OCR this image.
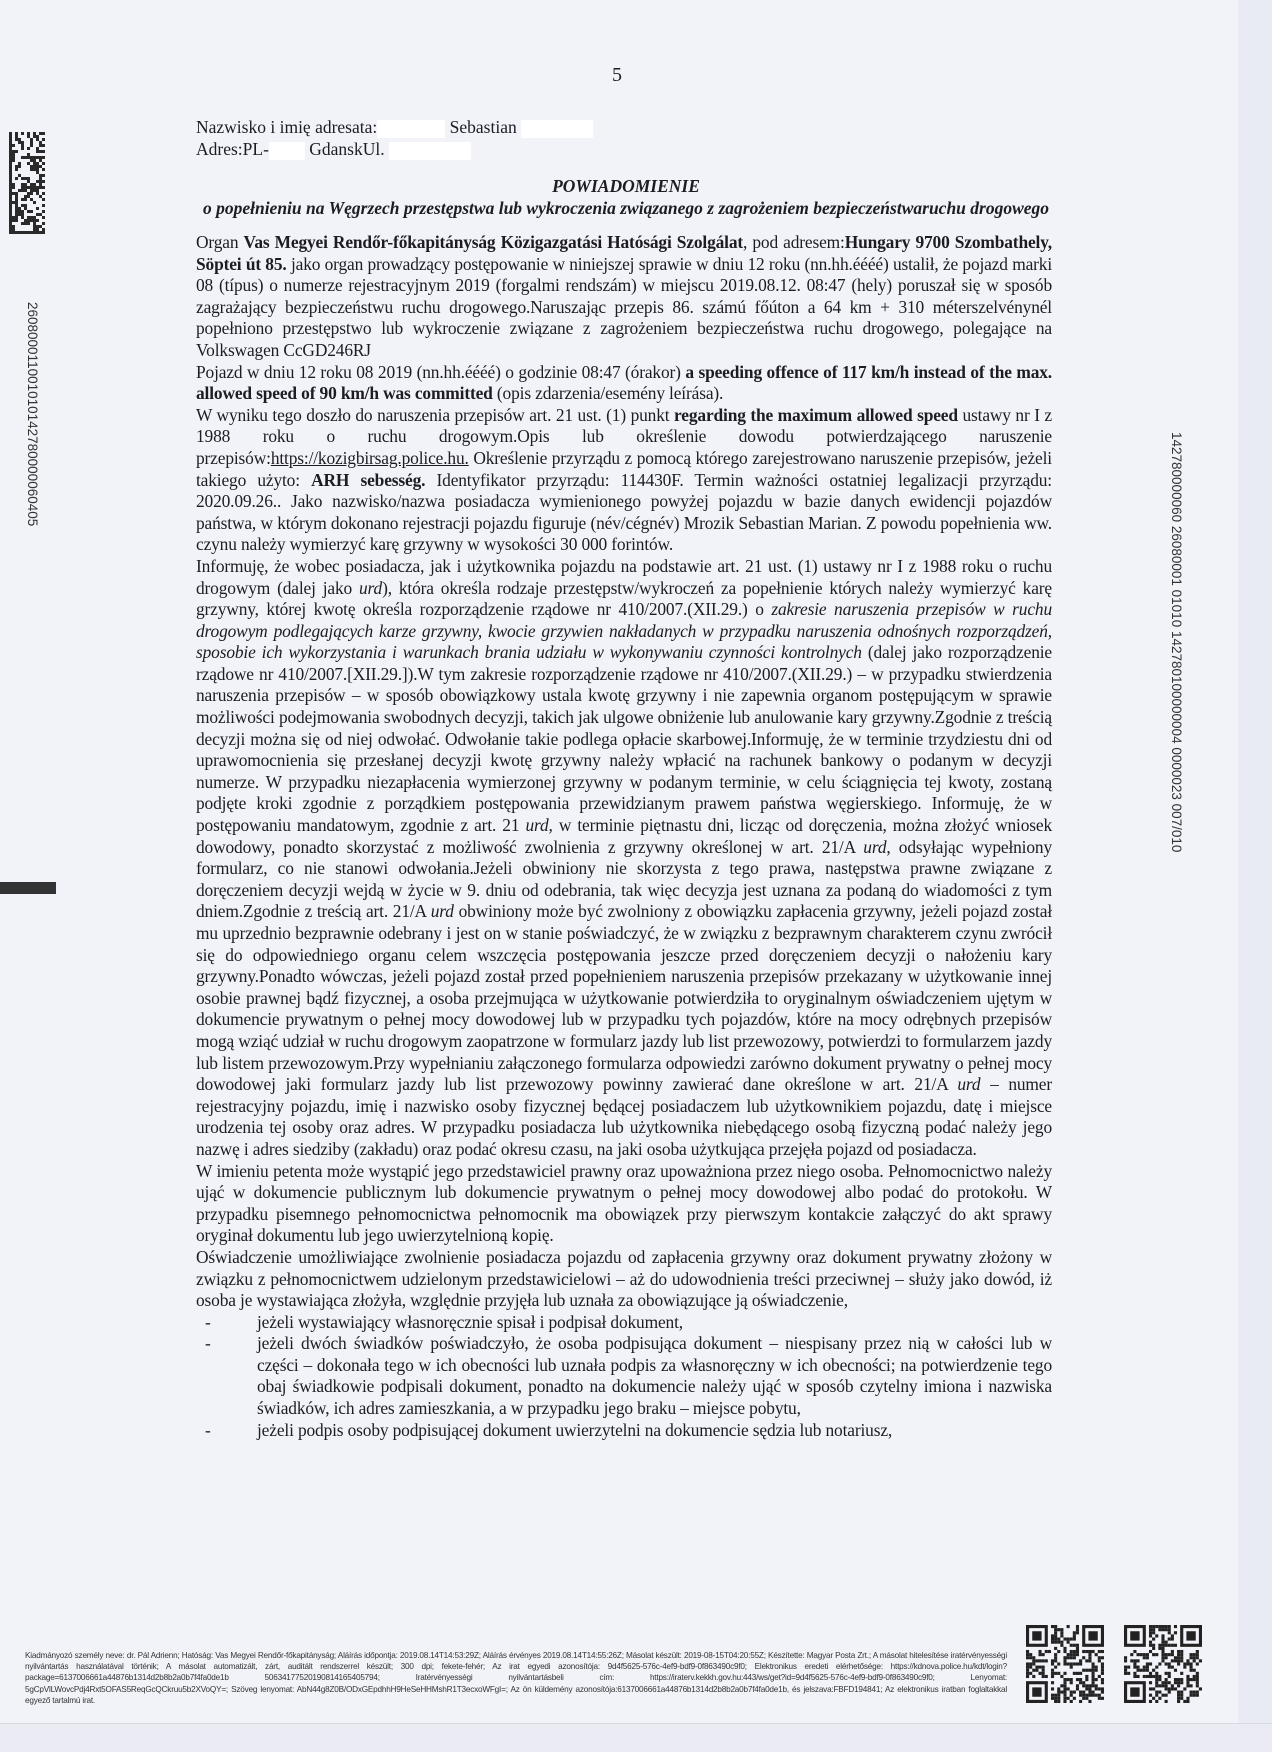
260800011001010142780000060405
142780000060 26080001 01010 142780100000004 0000023 007/010
5
Nazwisko i imię adresata:	Sebastian
Adres:PL- GdanskUl.
POWIADOMIENIE
o popełnieniu na Węgrzech przestępstwa lub wykroczenia związanego z zagrożeniem bezpieczeństwaruchu drogowego

Organ Vas Megyei Rendőr-főkapitányság Közigazgatási Hatósági Szolgálat, pod adresem:Hungary 9700 Szombathely, Söptei út 85. jako organ prowadzący postępowanie w niniejszej sprawie w dniu 12 roku (nn.hh.éééé) ustalił, że pojazd marki 08 (típus) o numerze rejestracyjnym 2019 (forgalmi rendszám) w miejscu 2019.08.12. 08:47 (hely) poruszał się w sposób zagrażający bezpieczeństwu ruchu drogowego.Naruszając przepis 86. számú főúton a 64 km + 310 méterszelvénynél popełniono przestępstwo lub wykroczenie związane z zagrożeniem bezpieczeństwa ruchu drogowego, polegające na Volkswagen CcGD246RJ

Pojazd w dniu 12 roku 08 2019 (nn.hh.éééé) o godzinie 08:47 (órakor) a speeding offence of 117 km/h instead of the max. allowed speed of 90 km/h was committed (opis zdarzenia/esemény leírása).

W wyniku tego doszło do naruszenia przepisów art. 21 ust. (1) punkt regarding the maximum allowed speed ustawy nr I z 1988 roku o ruchu drogowym.Opis lub określenie dowodu potwierdzającego naruszenie przepisów:https://kozigbirsag.police.hu. Określenie przyrządu z pomocą którego zarejestrowano naruszenie przepisów, jeżeli takiego użyto: ARH sebesség. Identyfikator przyrządu: 114430F. Termin ważności ostatniej legalizacji przyrządu: 2020.09.26.. Jako nazwisko/nazwa posiadacza wymienionego powyżej pojazdu w bazie danych ewidencji pojazdów państwa, w którym dokonano rejestracji pojazdu figuruje (név/cégnév) Mrozik Sebastian Marian. Z powodu popełnienia ww. czynu należy wymierzyć karę grzywny w wysokości 30 000 forintów.

Informuję, że wobec posiadacza, jak i użytkownika pojazdu na podstawie art. 21 ust. (1) ustawy nr I z 1988 roku o ruchu drogowym (dalej jako urd), która określa rodzaje przestępstw/wykroczeń za popełnienie których należy wymierzyć karę grzywny, której kwotę określa rozporządzenie rządowe nr 410/2007.(XII.29.) o zakresie naruszenia przepisów w ruchu drogowym podlegających karze grzywny, kwocie grzywien nakładanych w przypadku naruszenia odnośnych rozporządzeń, sposobie ich wykorzystania i warunkach brania udziału w wykonywaniu czynności kontrolnych (dalej jako rozporządzenie rządowe nr 410/2007.[XII.29.]).W tym zakresie rozporządzenie rządowe nr 410/2007.(XII.29.) – w przypadku stwierdzenia naruszenia przepisów – w sposób obowiązkowy ustala kwotę grzywny i nie zapewnia organom postępującym w sprawie możliwości podejmowania swobodnych decyzji, takich jak ulgowe obniżenie lub anulowanie kary grzywny.Zgodnie z treścią decyzji można się od niej odwołać. Odwołanie takie podlega opłacie skarbowej.Informuję, że w terminie trzydziestu dni od uprawomocnienia się przesłanej decyzji kwotę grzywny należy wpłacić na rachunek bankowy o podanym w decyzji numerze. W przypadku niezapłacenia wymierzonej grzywny w podanym terminie, w celu ściągnięcia tej kwoty, zostaną podjęte kroki zgodnie z porządkiem postępowania przewidzianym prawem państwa węgierskiego. Informuję, że w postępowaniu mandatowym, zgodnie z art. 21 urd, w terminie piętnastu dni, licząc od doręczenia, można złożyć wniosek dowodowy, ponadto skorzystać z możliwość zwolnienia z grzywny określonej w art. 21/A urd, odsyłając wypełniony formularz, co nie stanowi odwołania.Jeżeli obwiniony nie skorzysta z tego prawa, następstwa prawne związane z doręczeniem decyzji wejdą w życie w 9. dniu od odebrania, tak więc decyzja jest uznana za podaną do wiadomości z tym dniem.Zgodnie z treścią art. 21/A urd obwiniony może być zwolniony z obowiązku zapłacenia grzywny, jeżeli pojazd został mu uprzednio bezprawnie odebrany i jest on w stanie poświadczyć, że w związku z bezprawnym charakterem czynu zwrócił się do odpowiedniego organu celem wszczęcia postępowania jeszcze przed doręczeniem decyzji o nałożeniu kary grzywny.Ponadto wówczas, jeżeli pojazd został przed popełnieniem naruszenia przepisów przekazany w użytkowanie innej osobie prawnej bądź fizycznej, a osoba przejmująca w użytkowanie potwierdziła to oryginalnym oświadczeniem ujętym w dokumencie prywatnym o pełnej mocy dowodowej lub w przypadku tych pojazdów, które na mocy odrębnych przepisów mogą wziąć udział w ruchu drogowym zaopatrzone w formularz jazdy lub list przewozowy, potwierdzi to formularzem jazdy lub listem przewozowym.Przy wypełnianiu załączonego formularza odpowiedzi zarówno dokument prywatny o pełnej mocy dowodowej jaki formularz jazdy lub list przewozowy powinny zawierać dane określone w art. 21/A urd – numer rejestracyjny pojazdu, imię i nazwisko osoby fizycznej będącej posiadaczem lub użytkownikiem pojazdu, datę i miejsce urodzenia tej osoby oraz adres. W przypadku posiadacza lub użytkownika niebędącego osobą fizyczną podać należy jego nazwę i adres siedziby (zakładu) oraz podać okresu czasu, na jaki osoba użytkująca przejęła pojazd od posiadacza.

W imieniu petenta może wystąpić jego przedstawiciel prawny oraz upoważniona przez niego osoba. Pełnomocnictwo należy ująć w dokumencie publicznym lub dokumencie prywatnym o pełnej mocy dowodowej albo podać do protokołu. W przypadku pisemnego pełnomocnictwa pełnomocnik ma obowiązek przy pierwszym kontakcie załączyć do akt sprawy oryginał dokumentu lub jego uwierzytelnioną kopię.

Oświadczenie umożliwiające zwolnienie posiadacza pojazdu od zapłacenia grzywny oraz dokument prywatny złożony w związku z pełnomocnictwem udzielonym przedstawicielowi – aż do udowodnienia treści przeciwnej – służy jako dowód, iż osoba je wystawiająca złożyła, względnie przyjęła lub uznała za obowiązujące ją oświadczenie,

-	jeżeli wystawiający własnoręcznie spisał i podpisał dokument,
-	jeżeli dwóch świadków poświadczyło, że osoba podpisująca dokument – niespisany przez nią w całości lub w części – dokonała tego w ich obecności lub uznała podpis za własnoręczny w ich obecności; na potwierdzenie tego obaj świadkowie podpisali dokument, ponadto na dokumencie należy ująć w sposób czytelny imiona i nazwiska świadków, ich adres zamieszkania, a w przypadku jego braku – miejsce pobytu,
-	jeżeli podpis osoby podpisującej dokument uwierzytelni na dokumencie sędzia lub notariusz,
Kiadmányozó személy neve: dr. Pál Adrienn; Hatóság: Vas Megyei Rendőr-főkapitányság; Aláírás időpontja: 2019.08.14T14:53:29Z; Aláírás érvényes 2019.08.14T14:55:26Z; Másolat készült: 2019-08-15T04:20:55Z; Készítette: Magyar Posta Zrt.; A másolat hitelesítése iratérvényességi nyilvántartás használatával történik; A másolat automatizált, zárt, auditált rendszerrel készült; 300 dpi; fekete-fehér; Az irat egyedi azonosítója: 9d4f5625-576c-4ef9-bdf9-0f863490c9f0; Elektronikus eredeti elérhetősége: https://kdnova.police.hu/kdt/login?package=6137006661a44876b1314d2b8b2a0b7f4fa0de1b 5063417752019081416540579​4; Iratérvényességi nyilvántartásbeli cím: https://iraterv.kekkh.gov.hu:443/ws/get?id=9d4f5625-576c-4ef9-bdf9-0f863490c9f0; Lenyomat: 5gCpVlLWovcPdj4Rxt5OFAS5ReqGcQCkruu5b2XVoQY=; Szöveg lenyomat: AbN44g8Z0B/ODxGEpdhhH9HeSeHHMshR1T3ecxoWFgI=; Az ön küldemény azonosítója:6137006661a44876b1314d2b8b2a0b7f4fa0de1b, és jelszava:FBFD194841; Az elektronikus iratban foglaltakkal egyező tartalmú irat.
